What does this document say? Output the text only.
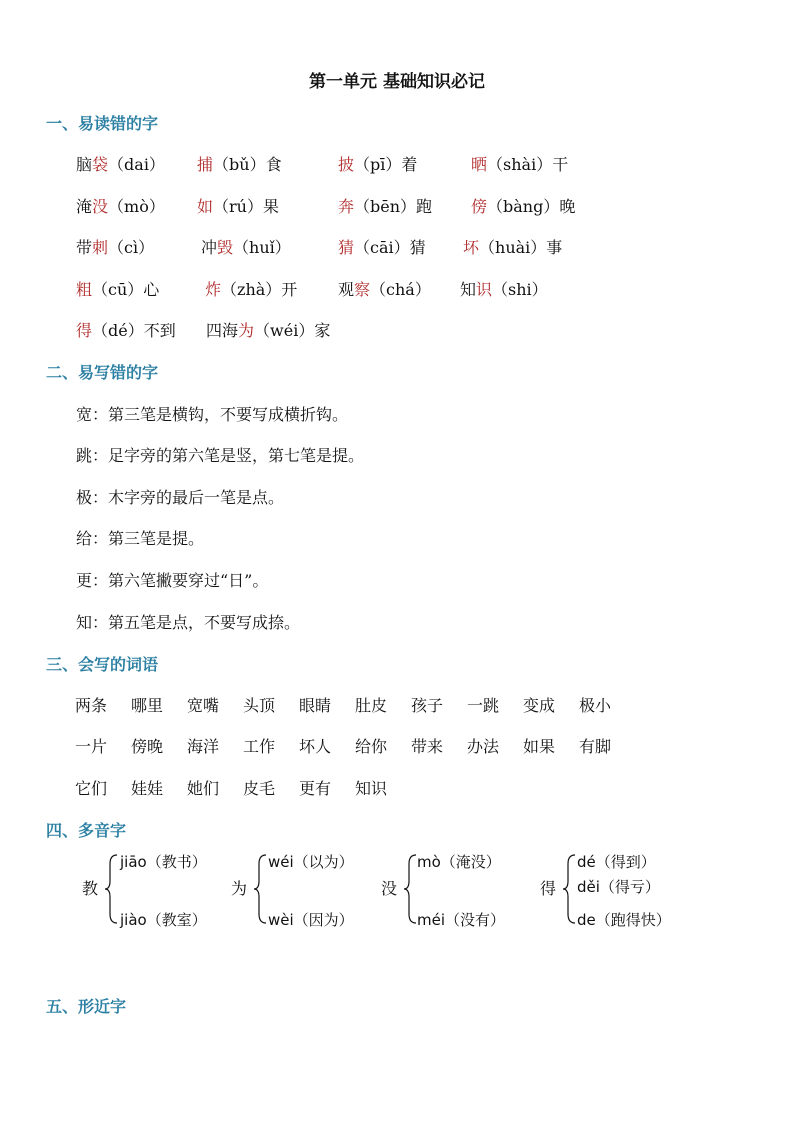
第一单元 基础知识必记
一、易读错的字
脑袋（dai） 捕（bǔ）食	披（pī）着	晒（shài）干
淹没（mò） 如（rú）果	奔（bēn）跑 傍（bàng）晚
带刺（cì）	冲毁（huǐ）	猜（cāi）猜 坏（huài）事
粗（cū）心	炸（zhà）开	观察（chá） 知识（shi）
得（dé）不到 四海为（wéi）家
二、易写错的字
宽：第三笔是横钩，不要写成横折钩。
跳：足字旁的第六笔是竖，第七笔是提。
极：木字旁的最后一笔是点。
给：第三笔是提。
更：第六笔撇要穿过“日”。
知：第五笔是点，不要写成捺。
三、会写的词语
两条 哪里 宽嘴 头顶 眼睛 肚皮 孩子 一跳 变成 极小
一片 傍晚 海洋 工作 坏人 给你 带来 办法 如果 有脚
它们 娃娃 她们 皮毛 更有 知识
四、多音字
教
jiāo（教书）
jiào（教室）
为
wéi（以为）
wèi（因为）
没
mò（淹没）
méi（没有）
得
dé（得到）
děi（得亏）
de（跑得快）
五、形近字
